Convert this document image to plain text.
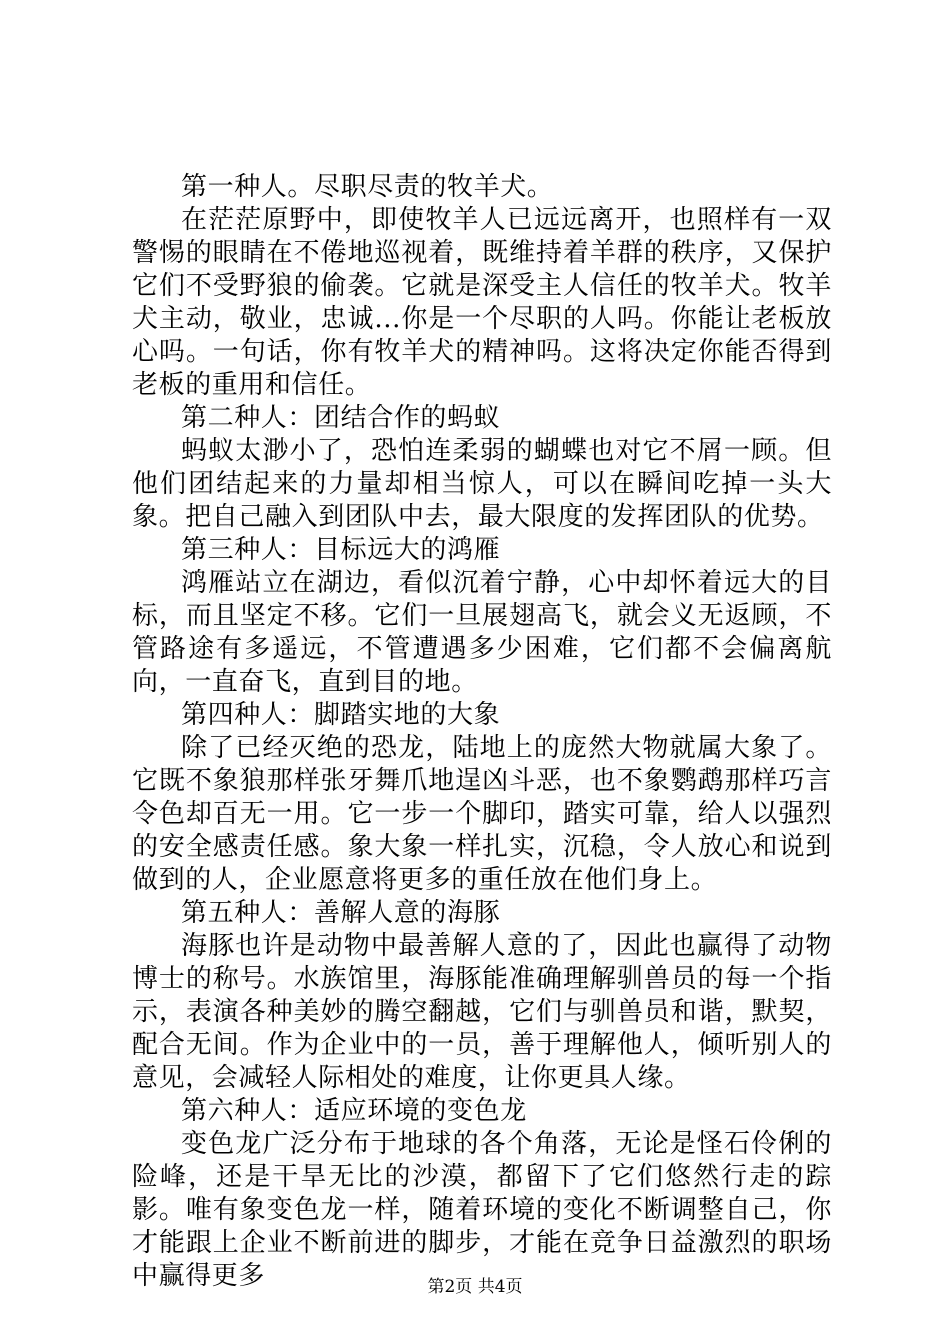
第一种人。尽职尽责的牧羊犬。

在茫茫原野中，即使牧羊人已远远离开，也照样有一双警惕的眼睛在不倦地巡视着，既维持着羊群的秩序，又保护它们不受野狼的偷袭。它就是深受主人信任的牧羊犬。牧羊犬主动，敬业，忠诚...你是一个尽职的人吗。你能让老板放心吗。一句话，你有牧羊犬的精神吗。这将决定你能否得到老板的重用和信任。

第二种人：团结合作的蚂蚁

蚂蚁太渺小了，恐怕连柔弱的蝴蝶也对它不屑一顾。但他们团结起来的力量却相当惊人，可以在瞬间吃掉一头大象。把自己融入到团队中去，最大限度的发挥团队的优势。

第三种人：目标远大的鸿雁

鸿雁站立在湖边，看似沉着宁静，心中却怀着远大的目标，而且坚定不移。它们一旦展翅高飞，就会义无返顾，不管路途有多遥远，不管遭遇多少困难，它们都不会偏离航向，一直奋飞，直到目的地。

第四种人：脚踏实地的大象

除了已经灭绝的恐龙，陆地上的庞然大物就属大象了。它既不象狼那样张牙舞爪地逞凶斗恶，也不象鹦鹉那样巧言令色却百无一用。它一步一个脚印，踏实可靠，给人以强烈的安全感责任感。象大象一样扎实，沉稳，令人放心和说到做到的人，企业愿意将更多的重任放在他们身上。

第五种人：善解人意的海豚

海豚也许是动物中最善解人意的了，因此也赢得了动物博士的称号。水族馆里，海豚能准确理解驯兽员的每一个指示，表演各种美妙的腾空翻越，它们与驯兽员和谐，默契，配合无间。作为企业中的一员，善于理解他人，倾听别人的意见，会减轻人际相处的难度，让你更具人缘。

第六种人：适应环境的变色龙

变色龙广泛分布于地球的各个角落，无论是怪石伶俐的险峰，还是干旱无比的沙漠，都留下了它们悠然行走的踪影。唯有象变色龙一样，随着环境的变化不断调整自己，你才能跟上企业不断前进的脚步，才能在竞争日益激烈的职场中赢得更多	第2页 共4页
